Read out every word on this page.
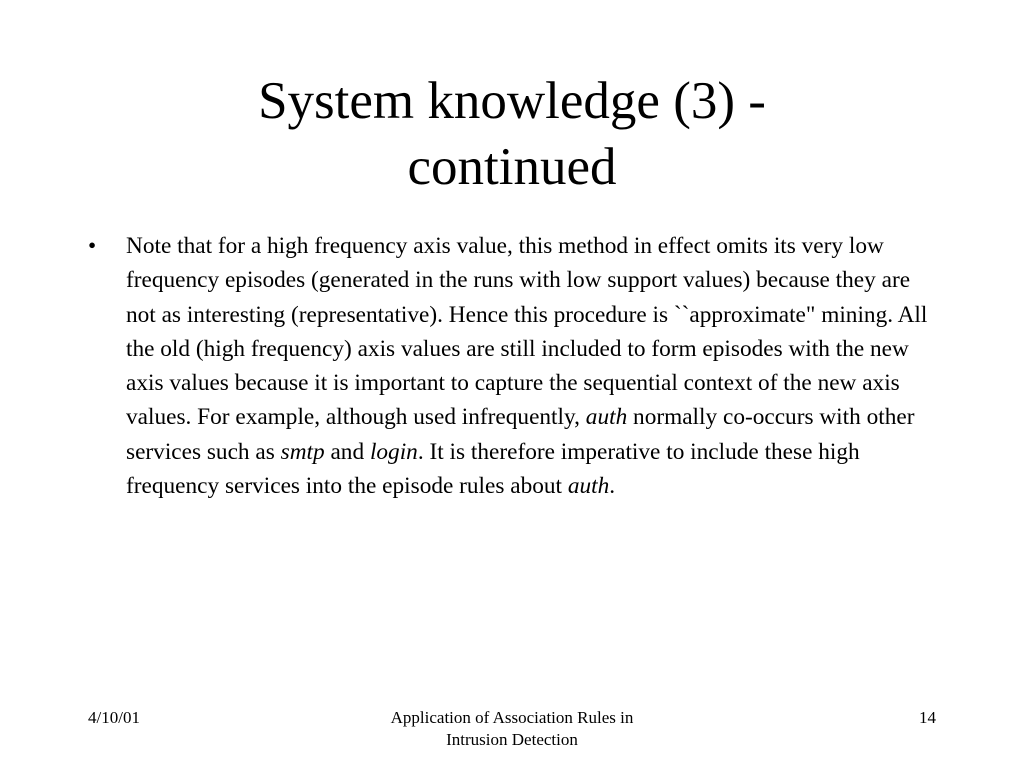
System knowledge (3) -
continued
• Note that for a high frequency axis value, this method in effect omits its very low frequency episodes (generated in the runs with low support values) because they are not as interesting (representative). Hence this procedure is ``approximate" mining. All the old (high frequency) axis values are still included to form episodes with the new axis values because it is important to capture the sequential context of the new axis values. For example, although used infrequently, auth normally co-occurs with other services such as smtp and login. It is therefore imperative to include these high frequency services into the episode rules about auth.
4/10/01	Application of Association Rules in
Intrusion Detection
14
